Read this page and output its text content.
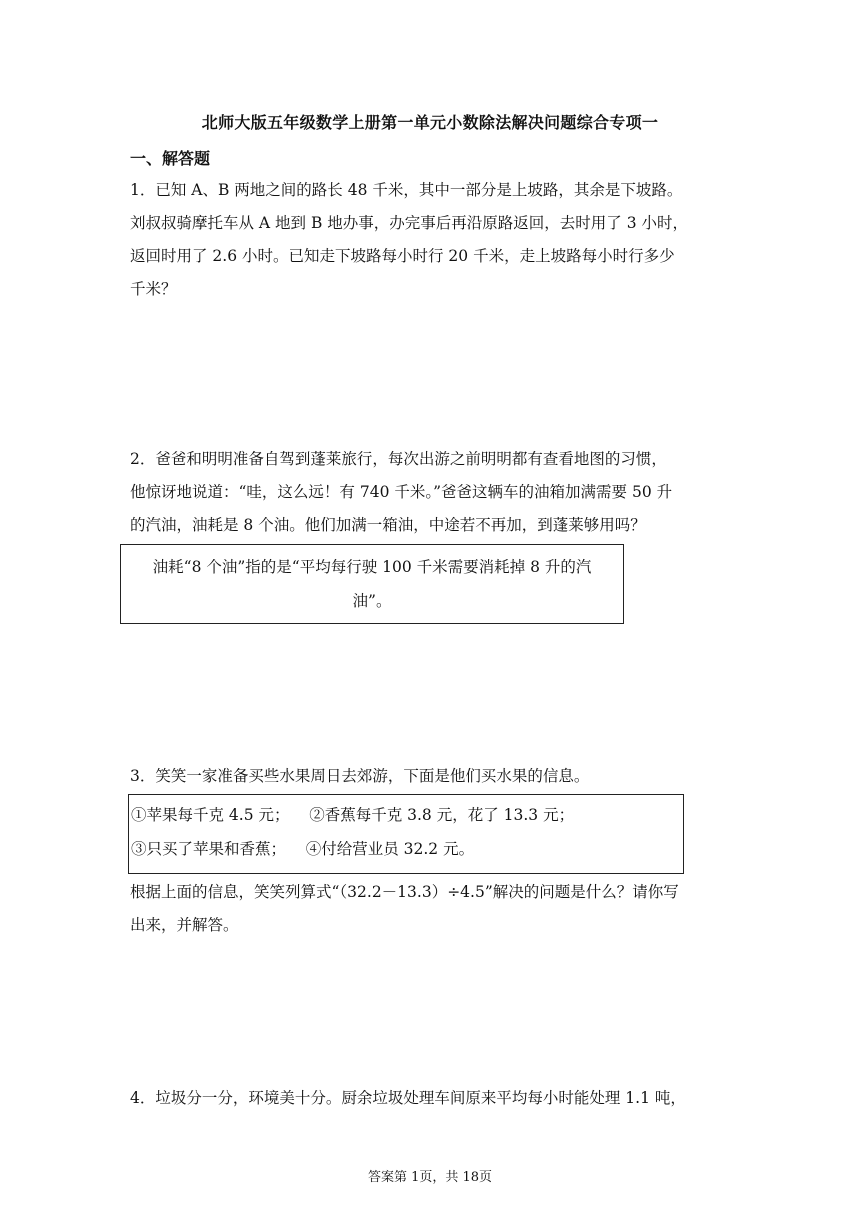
北师大版五年级数学上册第一单元小数除法解决问题综合专项一
一、解答题
1．已知 A、B 两地之间的路长 48 千米，其中一部分是上坡路，其余是下坡路。
刘叔叔骑摩托车从 A 地到 B 地办事，办完事后再沿原路返回，去时用了 3 小时，
返回时用了 2.6 小时。已知走下坡路每小时行 20 千米，走上坡路每小时行多少
千米？
2．爸爸和明明准备自驾到蓬莱旅行，每次出游之前明明都有查看地图的习惯，
他惊讶地说道：“哇，这么远！有 740 千米。”爸爸这辆车的油箱加满需要 50 升
的汽油，油耗是 8 个油。他们加满一箱油，中途若不再加，到蓬莱够用吗？
油耗“8 个油”指的是“平均每行驶 100 千米需要消耗掉 8 升的汽
油”。
3．笑笑一家准备买些水果周日去郊游，下面是他们买水果的信息。
①苹果每千克 4.5 元；    ②香蕉每千克 3.8 元，花了 13.3 元；
③只买了苹果和香蕉；    ④付给营业员 32.2 元。
根据上面的信息，笑笑列算式“（32.2－13.3）÷4.5”解决的问题是什么？请你写
出来，并解答。
4．垃圾分一分，环境美十分。厨余垃圾处理车间原来平均每小时能处理 1.1 吨，
答案第 1页，共 18页
